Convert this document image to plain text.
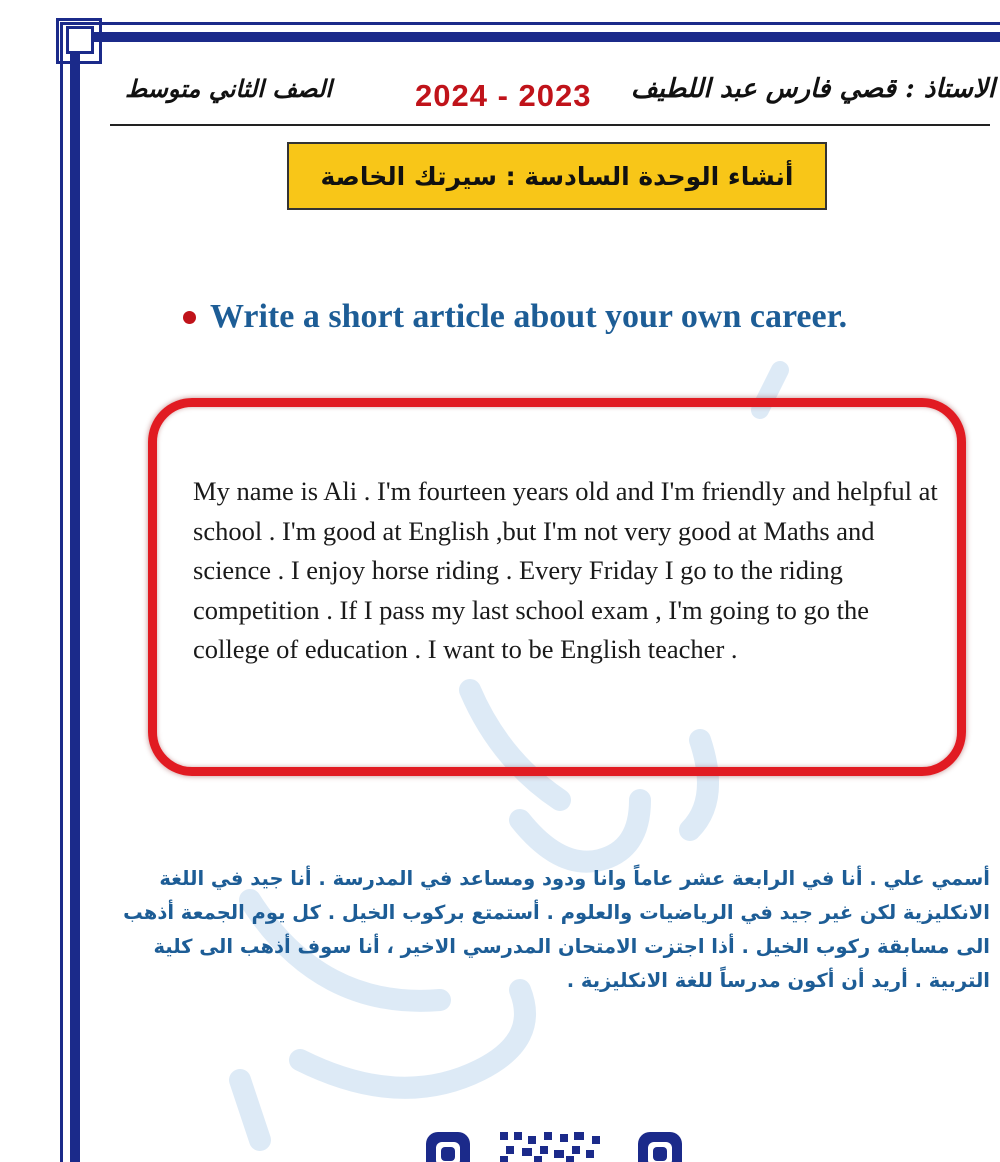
الصف الثاني متوسط	2024 - 2023 الاستاذ : قصي فارس عبد اللطيف
أنشاء الوحدة السادسة : سيرتك الخاصة
Write a short article about your own career.
My name is Ali . I'm fourteen years old and I'm friendly and helpful at school . I'm good at English ,but I'm not very good at Maths and science . I enjoy horse riding . Every Friday I go to the riding competition . If I pass my last school exam , I'm going to go the college of education . I want to be English teacher .
أسمي علي . أنا في الرابعة عشر عاماً وانا ودود ومساعد في المدرسة . أنا جيد في اللغة الانكليزية لكن غير جيد في الرياضيات والعلوم . أستمتع بركوب الخيل . كل يوم الجمعة أذهب الى مسابقة ركوب الخيل . أذا اجتزت الامتحان المدرسي الاخير ، أنا سوف أذهب الى كلية التربية . أريد أن أكون مدرساً للغة الانكليزية .
